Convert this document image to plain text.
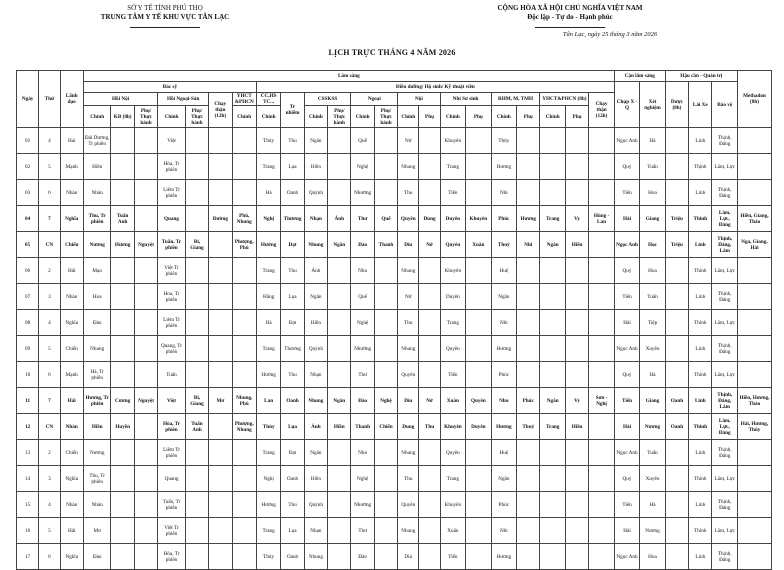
SỞ Y TẾ TỈNH PHÚ THỌ
TRUNG TÂM Y TẾ KHU VỰC TÂN LẠC
CỘNG HÒA XÃ HỘI CHỦ NGHĨA VIỆT NAM
Độc lập - Tự do - Hạnh phúc
Tân Lạc, ngày 25 tháng 3 năm 2026
LỊCH TRỰC THÁNG 4 NĂM 2026
Ngày	Thứ	Lãnh đạo	Lâm sàng																						Cận lâm sàng		Hậu cần - Quản trị			Methadon (8h)
			Bác sỹ							Điều dưỡng/ Hộ sinh/ Kỹ thuật viên															Chụp X - Q	Xét nghiệm	Dược (8h)	Lái Xe	Bảo vệ	
			Hồi Nội			Hồi Ngoại-Sản		Chạy thận (12h)	YHCT &PHCN	CC,HS TC...	Tr nhiễm	CSSKSS		Ngoại		Nội		Nhi Sơ sinh		RHM, M, TMH		YHCT&PHCN (8h)		Chạy thận (12h)						
			Chính	KB (8h)	Phụ/ Thực hành	Chính	Phụ/ Thực hành		Chính	Chính		Chính	Phụ/ Thực hành	Chính	Phụ/ Thực hành	Chính	Phụ	Chính	Phụ	Chính	Phụ	Chính	Phụ							
01	4	Hai	Đài Dương, Tr phiên			Việt				Thủy	Thu	Ngân		Quế		Nở		Khuyên		Thủy					Ngọc Anh	Hà		Linh	Thịnh, Đảng	
02	5	Mạnh	Hiền			Hòa, Tr phiên				Trang	Lụa	Hiền		Nghệ		Nhung		Trang		Hương					Quý	Tuấn		Thịnh	Lâm, Lực	
03	6	Nhàn	Nhàn			Liêm Tr phiên				Hà	Oanh	Quỳnh		Nhường		Thu		Tiến		Nhi					Tiến	Hoa		Linh	Thịnh, Đảng	
04	7	Nghĩa	Thu, Tr phiên	Tuấn Anh		Quang		Đường	Phú, Nhung	Nghị	Thương	Nhạn	Ánh	Thư	Quế	Quyên	Dung	Duyên	Khuyên	Phúc	Hương	Trang	Vy	Hùng - Lan	Hải	Giang	Triệu	Thinh	Lâm, Lực, Đảng	Hiền, Giang, Thảo
05	CN	Chiến	Nương	Hương	Nguyệt	Tuấn, Tr phiên	Bi, Giang		Phượng, Phú	Hường	Đạt	Nhung	Ngân	Đào	Thanh	Dìu	Nở	Quyên	Xuân	Thuỷ	Nhi	Ngân	Hiền		Ngọc Anh	Học	Triệu	Linh	Thịnh, Đảng, Lâm	Nga, Giang, Hải
06	2	Hải	Mạo			Việt Tr phiên				Trang	Thu	Ánh		Nhu		Nhung		Khuyên		Huệ					Quý	Hoa		Thinh	Lâm, Lực	
07	3	Nhàn	Hoa			Hoa, Tr phiên				Hằng	Lụa	Ngân		Quế		Nở		Duyên		Ngân					Tiến	Tuấn		Linh	Thịnh, Đảng	
08	4	Nghĩa	Đào			Liêm Tr phiên				Hà	Đạt	Hiền		Nghệ		Thu		Trang		Nhi					Hải	Tiệp		Thinh	Lâm, Lực	
09	5	Chiến	Nhung			Quang, Tr phiên				Trang	Thương	Quỳnh		Nhường		Nhung		Quyên		Hương					Ngọc Anh	Xuyên		Linh	Thịnh, Đảng	
10	6	Mạnh	Hà, Tr phiên			Tuấn				Hường	Thu	Nhạn		Thư		Quyên		Tiến		Phúc					Quý	Hà		Thinh	Lâm, Lực	
11	7	Hải	Hương, Tr phiên	Cương	Nguyệt	Việt	Bi, Giang	Mơ	Nhung, Phú	Lan	Oanh	Nhung	Ngân	Đào	Nghệ	Dìu	Nở	Xuân	Quyên	Nhu	Phúc	Ngân	Vy	Sơn - Nghị	Tiến	Giang	Oanh	Linh	Thịnh, Đảng, Lâm	Hiền, Hương, Thảo
12	CN	Nhàn	Hiền	Huyền		Hòa, Tr phiên	Tuấn Anh		Phượng, Nhung	Thủy	Lụa	Ánh	Hiền	Thanh	Chiến	Dung	Thu	Khuyên	Duyên	Hương	Thuỷ	Trang	Hiền		Hải	Nương	Oanh	Thinh	Lâm, Lực, Đảng	Hải, Hương, Thủy
13	2	Chiến	Nương			Liêm Tr phiên				Trang	Đạt	Ngân		Nhu		Nhung		Quyên		Huệ					Ngọc Anh	Tuấn		Linh	Thịnh, Đảng	
14	3	Nghĩa	Thu, Tr phiên			Quang				Nghị	Oanh	Hiền		Nghệ		Thu		Trang		Ngân					Quý	Xuyên		Thinh	Lâm, Lực	
15	4	Nhàn	Nhàn			Tuấn, Tr phiên				Hường	Thu	Quỳnh		Nhường		Quyên		Khuyên		Phúc					Tiến	Hà		Linh	Thịnh, Đảng	
16	5	Hải	Mơ			Việt Tr phiên				Trang	Lụa	Nhạn		Thư		Nhung		Xuân		Nhi					Hải	Nương		Thinh	Lâm, Lực	
17	6	Nghĩa	Đào			Hòa, Tr phiên				Thủy	Oanh	Nhung		Đào		Dìu		Tiến		Hương					Ngọc Anh	Hoa		Linh	Thịnh, Đảng	
